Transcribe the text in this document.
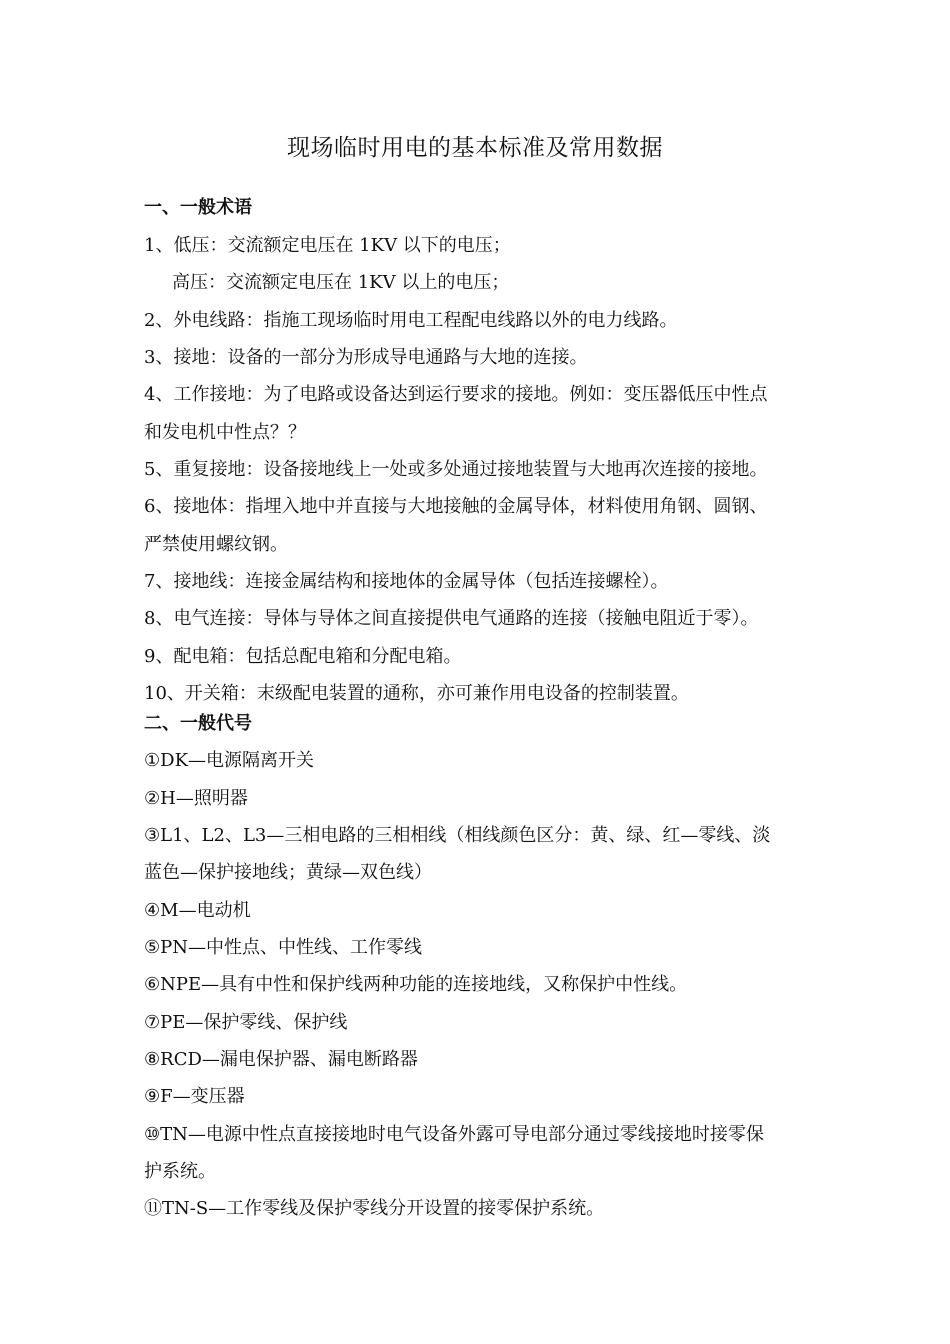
现场临时用电的基本标准及常用数据
一、一般术语
1、低压：交流额定电压在 1KV 以下的电压；
高压：交流额定电压在 1KV 以上的电压；
2、外电线路：指施工现场临时用电工程配电线路以外的电力线路。
3、接地：设备的一部分为形成导电通路与大地的连接。
4、工作接地：为了电路或设备达到运行要求的接地。例如：变压器低压中性点
和发电机中性点？？
5、重复接地：设备接地线上一处或多处通过接地装置与大地再次连接的接地。
6、接地体：指埋入地中并直接与大地接触的金属导体，材料使用角钢、圆钢、
严禁使用螺纹钢。
7、接地线：连接金属结构和接地体的金属导体（包括连接螺栓）。
8、电气连接：导体与导体之间直接提供电气通路的连接（接触电阻近于零）。
9、配电箱：包括总配电箱和分配电箱。
10、开关箱：末级配电装置的通称，亦可兼作用电设备的控制装置。
二、一般代号
①DK—电源隔离开关
②H—照明器
③L1、L2、L3—三相电路的三相相线（相线颜色区分：黄、绿、红—零线、淡
蓝色—保护接地线；黄绿—双色线）
④M—电动机
⑤PN—中性点、中性线、工作零线
⑥NPE—具有中性和保护线两种功能的连接地线，又称保护中性线。
⑦PE—保护零线、保护线
⑧RCD—漏电保护器、漏电断路器
⑨F—变压器
⑩TN—电源中性点直接接地时电气设备外露可导电部分通过零线接地时接零保
护系统。
⑪TN-S—工作零线及保护零线分开设置的接零保护系统。
